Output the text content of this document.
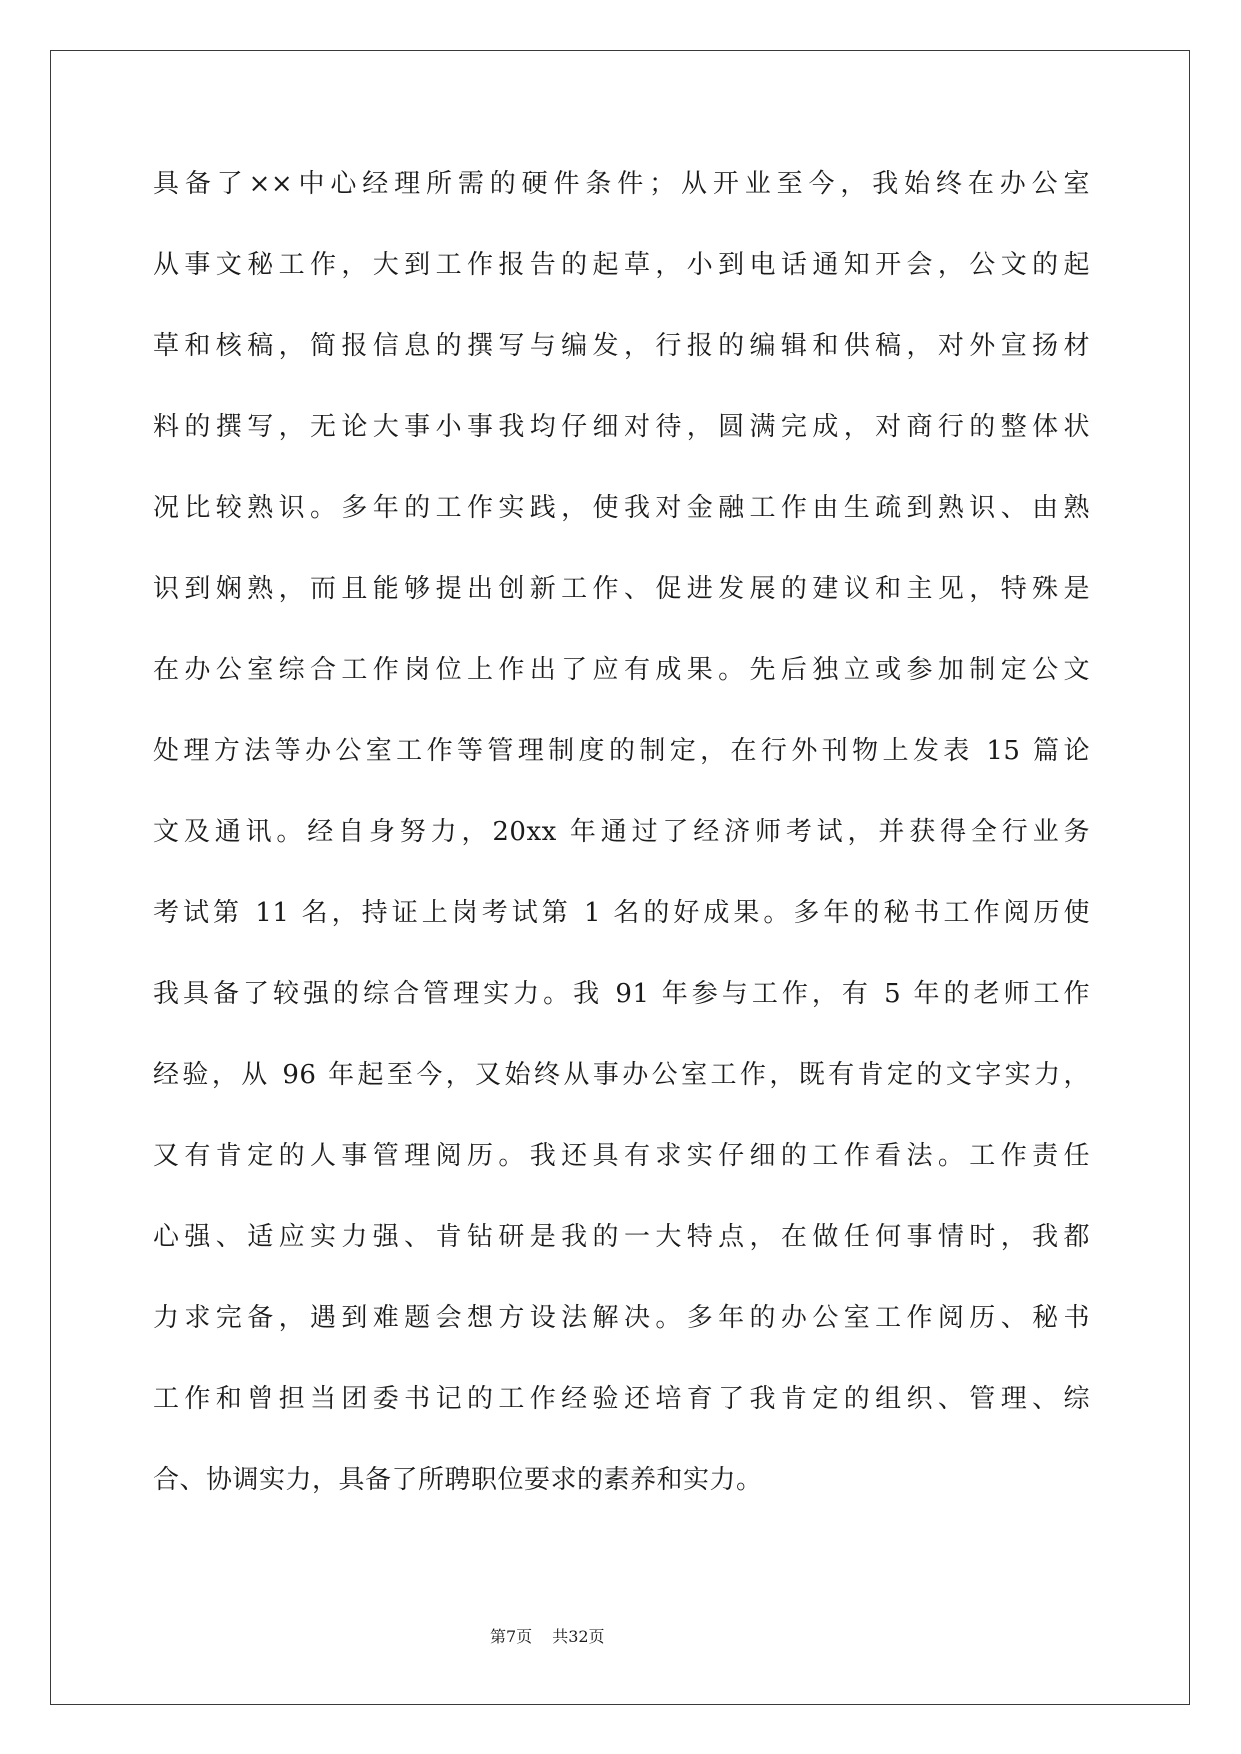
具备了××中心经理所需的硬件条件；从开业至今，我始终在办公室
从事文秘工作，大到工作报告的起草，小到电话通知开会，公文的起
草和核稿，简报信息的撰写与编发，行报的编辑和供稿，对外宣扬材
料的撰写，无论大事小事我均仔细对待，圆满完成，对商行的整体状
况比较熟识。多年的工作实践，使我对金融工作由生疏到熟识、由熟
识到娴熟，而且能够提出创新工作、促进发展的建议和主见，特殊是
在办公室综合工作岗位上作出了应有成果。先后独立或参加制定公文
处理方法等办公室工作等管理制度的制定，在行外刊物上发表 15 篇论
文及通讯。经自身努力，20xx 年通过了经济师考试，并获得全行业务
考试第 11 名，持证上岗考试第 1 名的好成果。多年的秘书工作阅历使
我具备了较强的综合管理实力。我 91 年参与工作，有 5 年的老师工作
经验，从 96 年起至今，又始终从事办公室工作，既有肯定的文字实力，
又有肯定的人事管理阅历。我还具有求实仔细的工作看法。工作责任
心强、适应实力强、肯钻研是我的一大特点，在做任何事情时，我都
力求完备，遇到难题会想方设法解决。多年的办公室工作阅历、秘书
工作和曾担当团委书记的工作经验还培育了我肯定的组织、管理、综
合、协调实力，具备了所聘职位要求的素养和实力。
第7页 共32页
